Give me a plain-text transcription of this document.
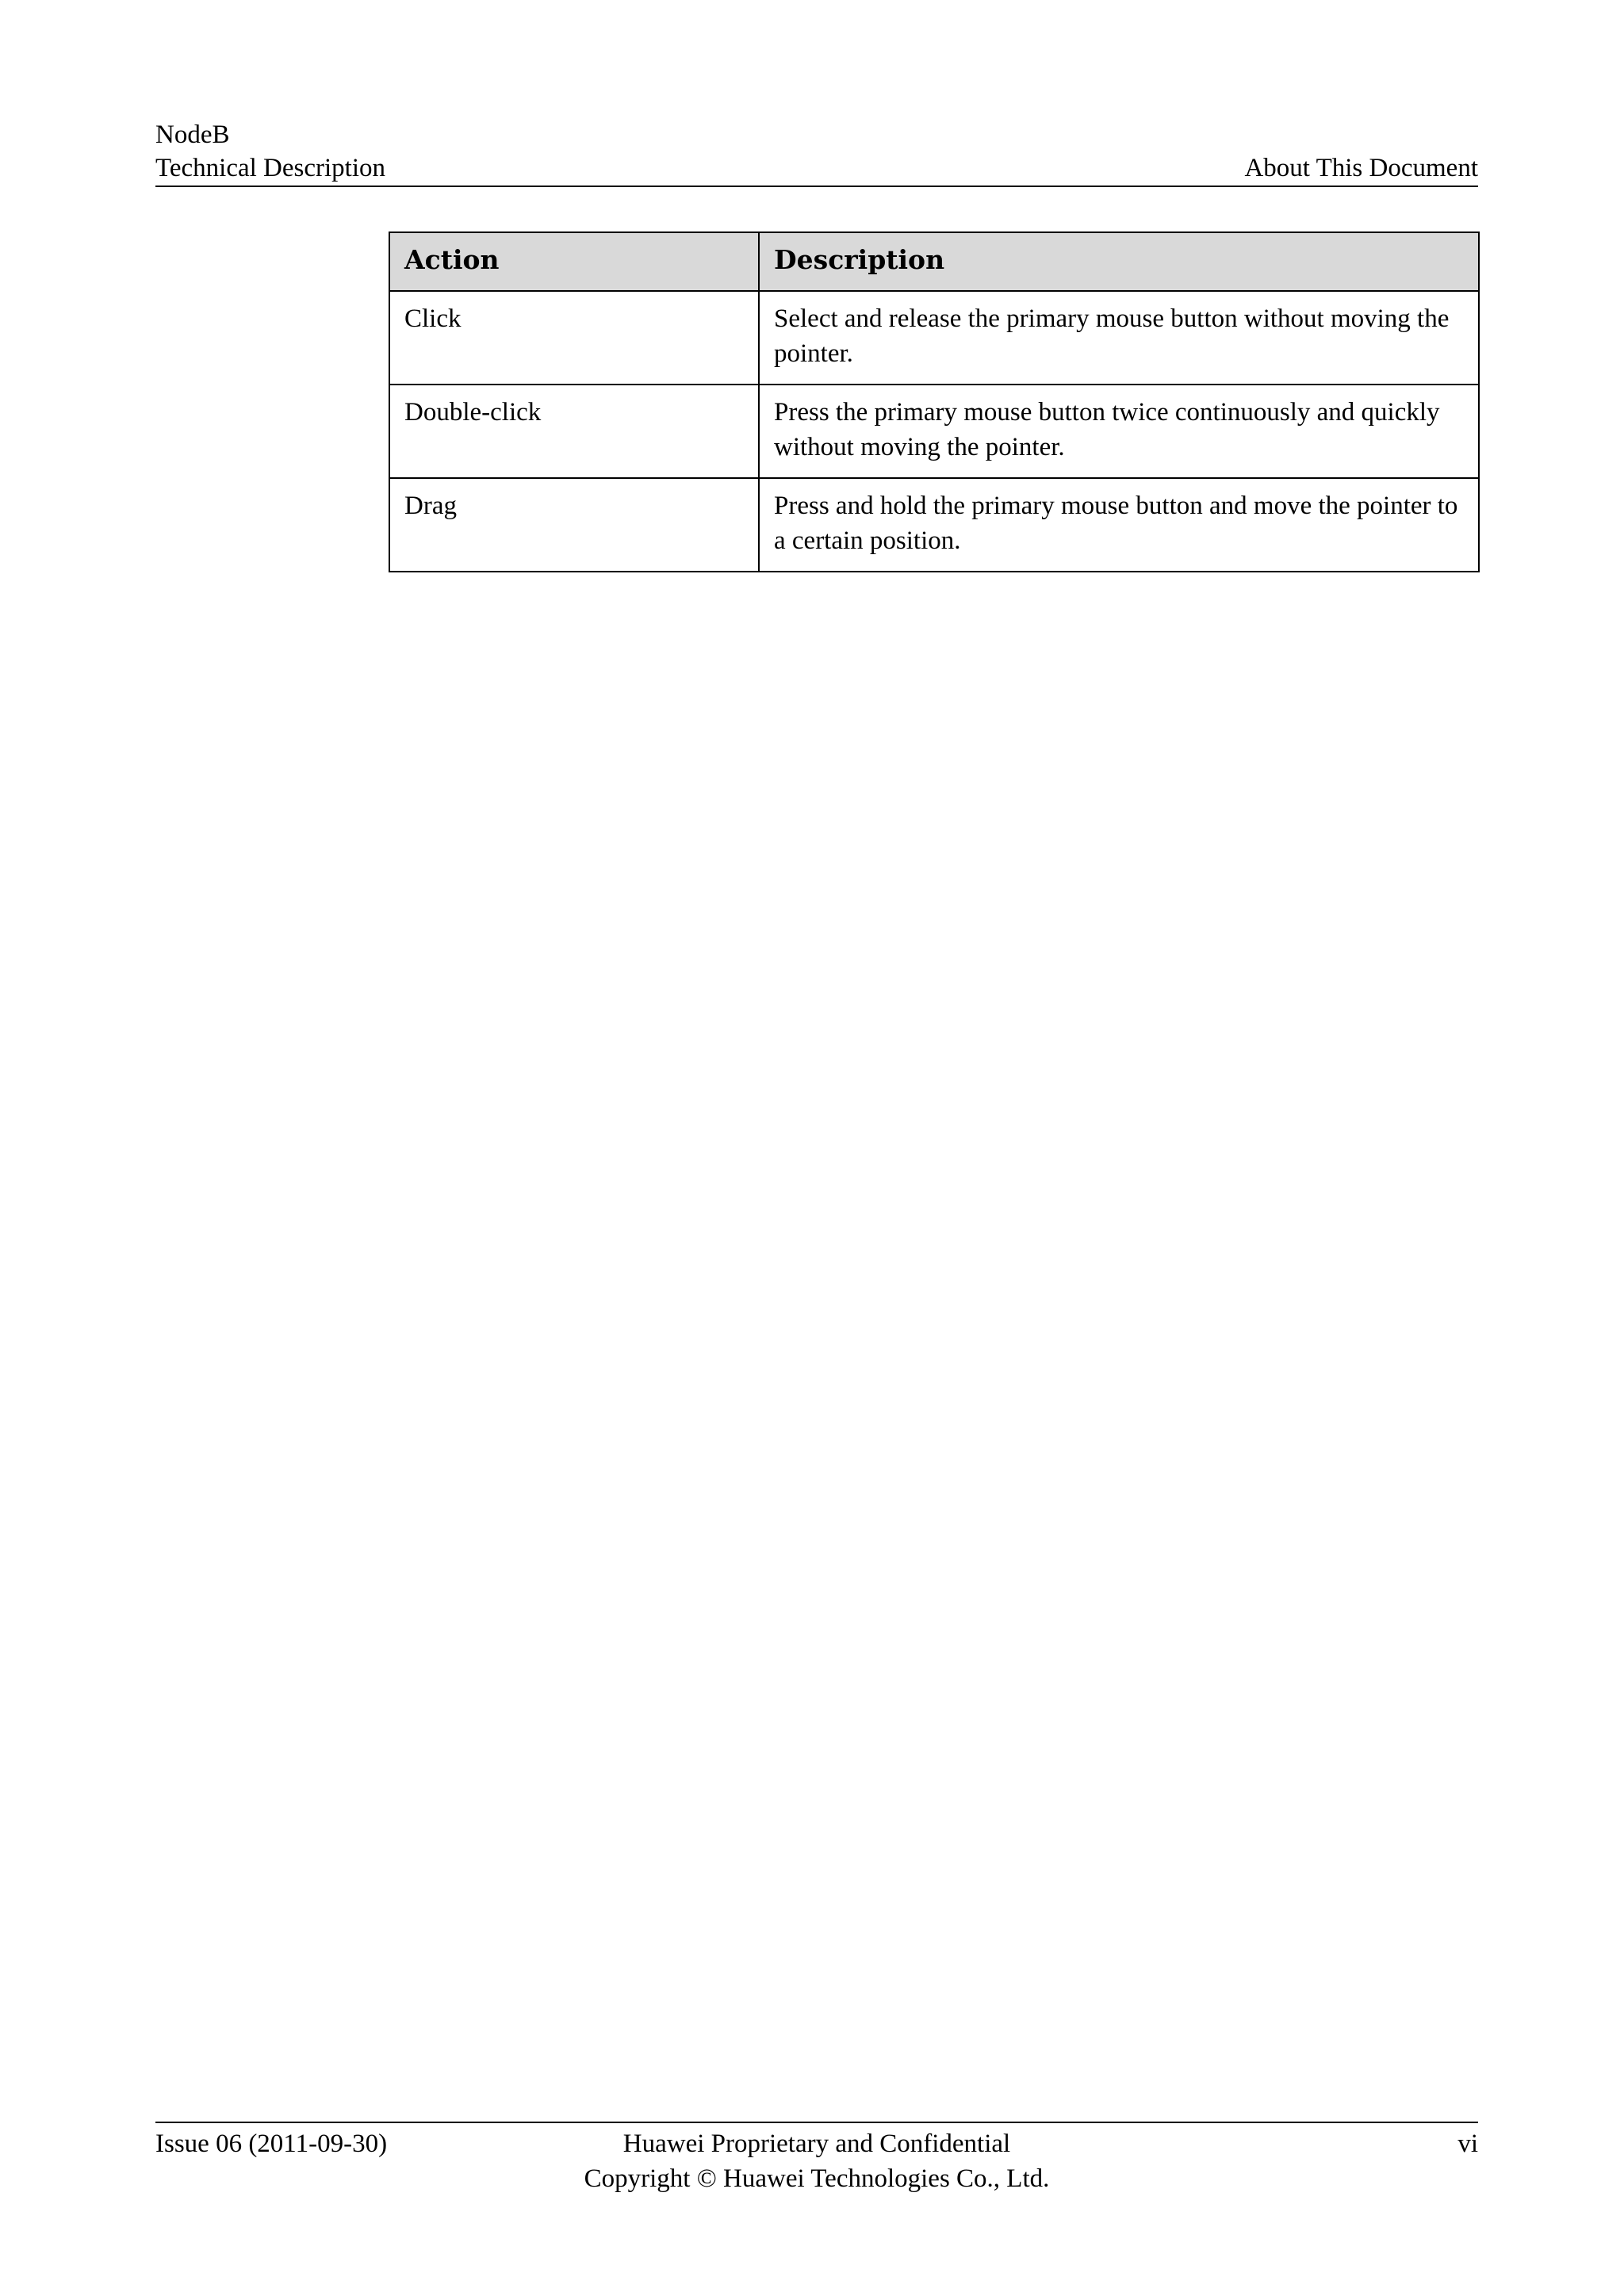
NodeB
Technical Description	About This Document
Action	Description
Click	Select and release the primary mouse button without moving the pointer.
Double-click	Press the primary mouse button twice continuously and quickly without moving the pointer.
Drag	Press and hold the primary mouse button and move the pointer to a certain position.
Issue 06 (2011-09-30)	Huawei Proprietary and Confidential
Copyright © Huawei Technologies Co., Ltd.
vi
